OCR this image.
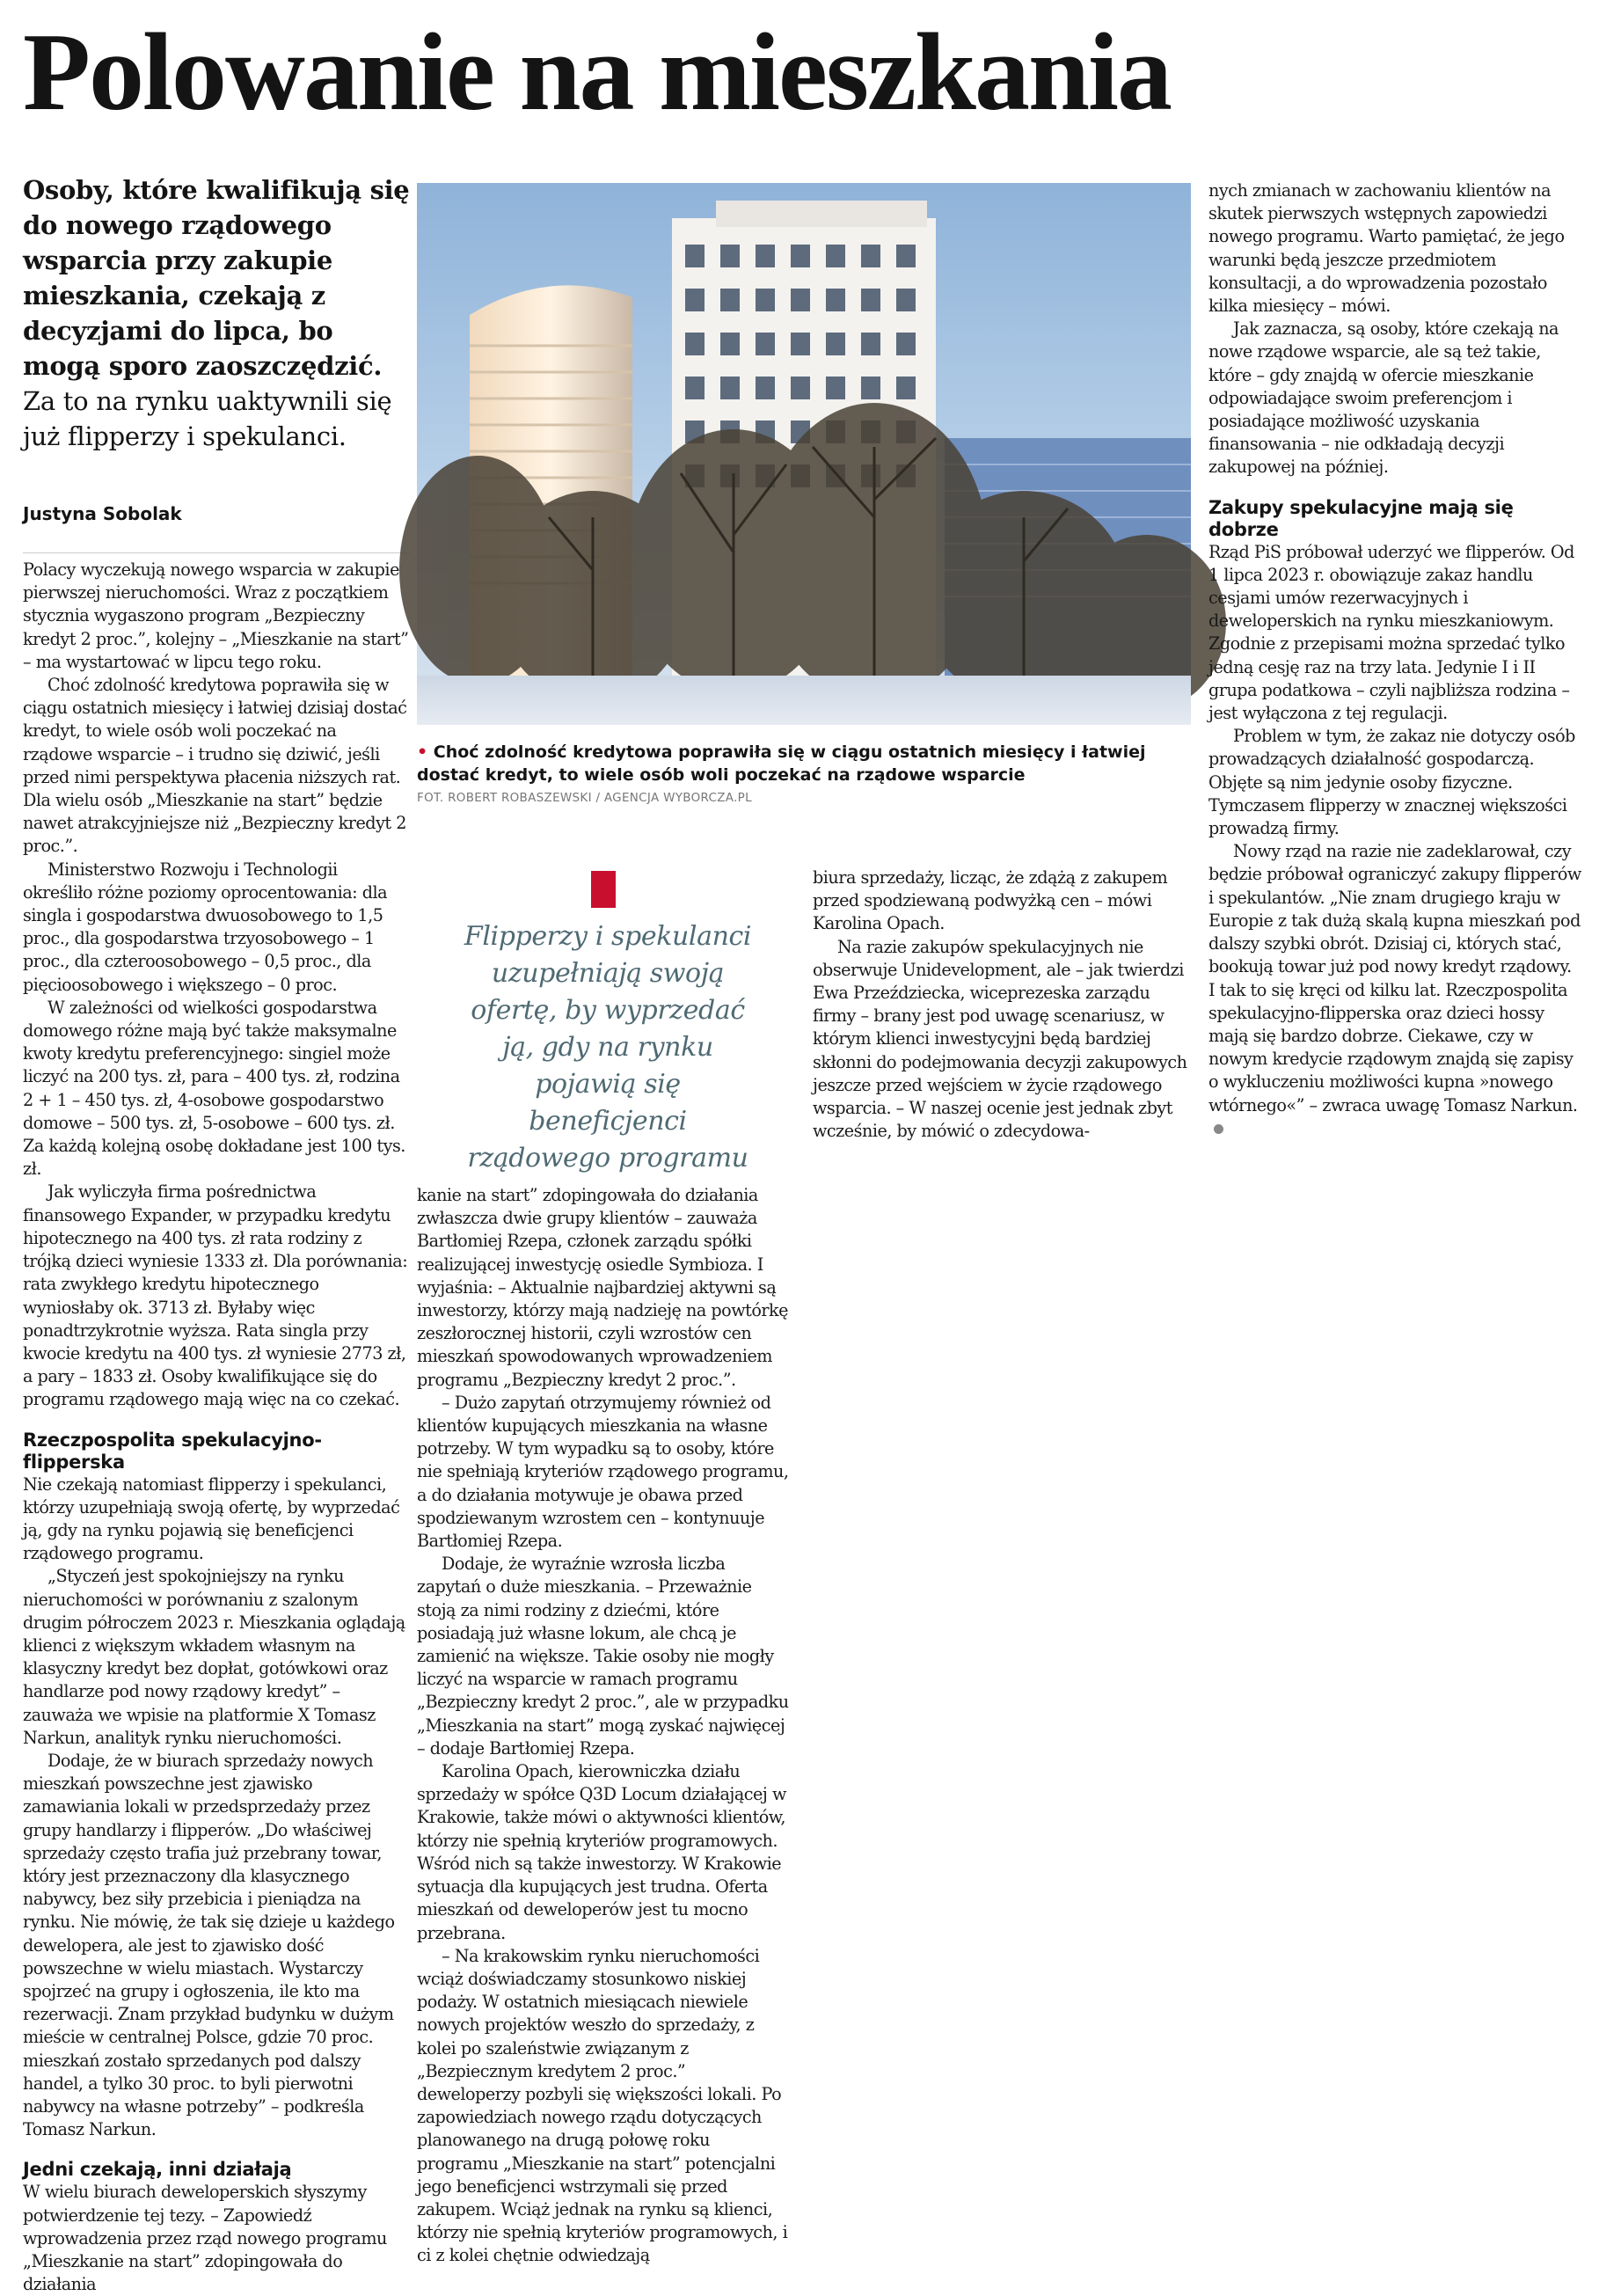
Polowanie na mieszkania

Osoby, które kwalifikują się do nowego rządowego wsparcia przy zakupie mieszkania, czekają z decyzjami do lipca, bo mogą sporo zaoszczędzić. Za to na rynku uaktywnili się już flipperzy i spekulanci.

Justyna Sobolak

Polacy wyczekują nowego wsparcia w zakupie pierwszej nieruchomości. Wraz z początkiem stycznia wygaszono program „Bezpieczny kredyt 2 proc.”, kolejny – „Mieszkanie na start” – ma wystartować w lipcu tego roku.

Choć zdolność kredytowa poprawiła się w ciągu ostatnich miesięcy i łatwiej dzisiaj dostać kredyt, to wiele osób woli poczekać na rządowe wsparcie – i trudno się dziwić, jeśli przed nimi perspektywa płacenia niższych rat. Dla wielu osób „Mieszkanie na start” będzie nawet atrakcyjniejsze niż „Bezpieczny kredyt 2 proc.”.

Ministerstwo Rozwoju i Technologii określiło różne poziomy oprocentowania: dla singla i gospodarstwa dwuosobowego to 1,5 proc., dla gospodarstwa trzyosobowego – 1 proc., dla czteroosobowego – 0,5 proc., dla pięcioosobowego i większego – 0 proc.

W zależności od wielkości gospodarstwa domowego różne mają być także maksymalne kwoty kredytu preferencyjnego: singiel może liczyć na 200 tys. zł, para – 400 tys. zł, rodzina 2 + 1 – 450 tys. zł, 4-osobowe gospodarstwo domowe – 500 tys. zł, 5-osobowe – 600 tys. zł. Za każdą kolejną osobę dokładane jest 100 tys. zł.

Jak wyliczyła firma pośrednictwa finansowego Expander, w przypadku kredytu hipotecznego na 400 tys. zł rata rodziny z trójką dzieci wyniesie 1333 zł. Dla porównania: rata zwykłego kredytu hipotecznego wyniosłaby ok. 3713 zł. Byłaby więc ponadtrzykrotnie wyższa. Rata singla przy kwocie kredytu na 400 tys. zł wyniesie 2773 zł, a pary – 1833 zł. Osoby kwalifikujące się do programu rządowego mają więc na co czekać.

Rzeczpospolita spekulacyjno-flipperska

Nie czekają natomiast flipperzy i spekulanci, którzy uzupełniają swoją ofertę, by wyprzedać ją, gdy na rynku pojawią się beneficjenci rządowego programu.

„Styczeń jest spokojniejszy na rynku nieruchomości w porównaniu z szalonym drugim półroczem 2023 r. Mieszkania oglądają klienci z większym wkładem własnym na klasyczny kredyt bez dopłat, gotówkowi oraz handlarze pod nowy rządowy kredyt” – zauważa we wpisie na platformie X Tomasz Narkun, analityk rynku nieruchomości.

Dodaje, że w biurach sprzedaży nowych mieszkań powszechne jest zjawisko zamawiania lokali w przedsprzedaży przez grupy handlarzy i flipperów. „Do właściwej sprzedaży często trafia już przebrany towar, który jest przeznaczony dla klasycznego nabywcy, bez siły przebicia i pieniądza na rynku. Nie mówię, że tak się dzieje u każdego dewelopera, ale jest to zjawisko dość powszechne w wielu miastach. Wystarczy spojrzeć na grupy i ogłoszenia, ile kto ma rezerwacji. Znam przykład budynku w dużym mieście w centralnej Polsce, gdzie 70 proc. mieszkań zostało sprzedanych pod dalszy handel, a tylko 30 proc. to byli pierwotni nabywcy na własne potrzeby” – podkreśla Tomasz Narkun.

Jedni czekają, inni działają

W wielu biurach deweloperskich słyszymy potwierdzenie tej tezy. – Zapowiedź wprowadzenia przez rząd nowego programu „Mieszkanie na start” zdopingowała do działania

• Choć zdolność kredytowa poprawiła się w ciągu ostatnich miesięcy i łatwiej dostać kredyt, to wiele osób woli poczekać na rządowe wsparcie
FOT. ROBERT ROBASZEWSKI / AGENCJA WYBORCZA.PL

Flipperzy i spekulanci uzupełniają swoją ofertę, by wyprzedać ją, gdy na rynku pojawią się beneficjenci rządowego programu

kanie na start” zdopingowała do działania zwłaszcza dwie grupy klientów – zauważa Bartłomiej Rzepa, członek zarządu spółki realizującej inwestycję osiedle Symbioza. I wyjaśnia: – Aktualnie najbardziej aktywni są inwestorzy, którzy mają nadzieję na powtórkę zeszłorocznej historii, czyli wzrostów cen mieszkań spowodowanych wprowadzeniem programu „Bezpieczny kredyt 2 proc.”.

– Dużo zapytań otrzymujemy również od klientów kupujących mieszkania na własne potrzeby. W tym wypadku są to osoby, które nie spełniają kryteriów rządowego programu, a do działania motywuje je obawa przed spodziewanym wzrostem cen – kontynuuje Bartłomiej Rzepa.

Dodaje, że wyraźnie wzrosła liczba zapytań o duże mieszkania. – Przeważnie stoją za nimi rodziny z dziećmi, które posiadają już własne lokum, ale chcą je zamienić na większe. Takie osoby nie mogły liczyć na wsparcie w ramach programu „Bezpieczny kredyt 2 proc.”, ale w przypadku „Mieszkania na start” mogą zyskać najwięcej – dodaje Bartłomiej Rzepa.

Karolina Opach, kierowniczka działu sprzedaży w spółce Q3D Locum działającej w Krakowie, także mówi o aktywności klientów, którzy nie spełnią kryteriów programowych. Wśród nich są także inwestorzy. W Krakowie sytuacja dla kupujących jest trudna. Oferta mieszkań od deweloperów jest tu mocno przebrana.

– Na krakowskim rynku nieruchomości wciąż doświadczamy stosunkowo niskiej podaży. W ostatnich miesiącach niewiele nowych projektów weszło do sprzedaży, z kolei po szaleństwie związanym z „Bezpiecznym kredytem 2 proc.” deweloperzy pozbyli się większości lokali. Po zapowiedziach nowego rządu dotyczących planowanego na drugą połowę roku programu „Mieszkanie na start” potencjalni jego beneficjenci wstrzymali się przed zakupem. Wciąż jednak na rynku są klienci, którzy nie spełnią kryteriów programowych, i ci z kolei chętnie odwiedzają

biura sprzedaży, licząc, że zdążą z zakupem przed spodziewaną podwyżką cen – mówi Karolina Opach.

Na razie zakupów spekulacyjnych nie obserwuje Unidevelopment, ale – jak twierdzi Ewa Przeździecka, wiceprezeska zarządu firmy – brany jest pod uwagę scenariusz, w którym klienci inwestycyjni będą bardziej skłonni do podejmowania decyzji zakupowych jeszcze przed wejściem w życie rządowego wsparcia. – W naszej ocenie jest jednak zbyt wcześnie, by mówić o zdecydowa-

nych zmianach w zachowaniu klientów na skutek pierwszych wstępnych zapowiedzi nowego programu. Warto pamiętać, że jego warunki będą jeszcze przedmiotem konsultacji, a do wprowadzenia pozostało kilka miesięcy – mówi.

Jak zaznacza, są osoby, które czekają na nowe rządowe wsparcie, ale są też takie, które – gdy znajdą w ofercie mieszkanie odpowiadające swoim preferencjom i posiadające możliwość uzyskania finansowania – nie odkładają decyzji zakupowej na później.

Zakupy spekulacyjne mają się dobrze

Rząd PiS próbował uderzyć we flipperów. Od 1 lipca 2023 r. obowiązuje zakaz handlu cesjami umów rezerwacyjnych i deweloperskich na rynku mieszkaniowym. Zgodnie z przepisami można sprzedać tylko jedną cesję raz na trzy lata. Jedynie I i II grupa podatkowa – czyli najbliższa rodzina – jest wyłączona z tej regulacji.

Problem w tym, że zakaz nie dotyczy osób prowadzących działalność gospodarczą. Objęte są nim jedynie osoby fizyczne. Tymczasem flipperzy w znacznej większości prowadzą firmy.

Nowy rząd na razie nie zadeklarował, czy będzie próbował ograniczyć zakupy flipperów i spekulantów. „Nie znam drugiego kraju w Europie z tak dużą skalą kupna mieszkań pod dalszy szybki obrót. Dzisiaj ci, których stać, bookują towar już pod nowy kredyt rządowy. I tak to się kręci od kilku lat. Rzeczpospolita spekulacyjno-flipperska oraz dzieci hossy mają się bardzo dobrze. Ciekawe, czy w nowym kredycie rządowym znajdą się zapisy o wykluczeniu możliwości kupna »nowego wtórnego«” – zwraca uwagę Tomasz Narkun.
